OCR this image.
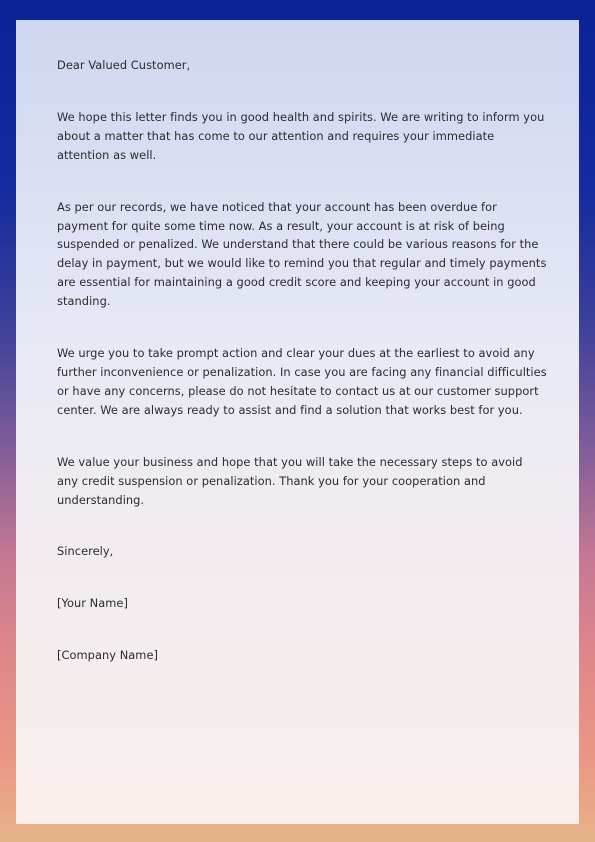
Dear Valued Customer,

We hope this letter finds you in good health and spirits. We are writing to inform you about a matter that has come to our attention and requires your immediate attention as well.

As per our records, we have noticed that your account has been overdue for payment for quite some time now. As a result, your account is at risk of being suspended or penalized. We understand that there could be various reasons for the delay in payment, but we would like to remind you that regular and timely payments are essential for maintaining a good credit score and keeping your account in good standing.

We urge you to take prompt action and clear your dues at the earliest to avoid any further inconvenience or penalization. In case you are facing any financial difficulties or have any concerns, please do not hesitate to contact us at our customer support center. We are always ready to assist and find a solution that works best for you.

We value your business and hope that you will take the necessary steps to avoid any credit suspension or penalization. Thank you for your cooperation and understanding.

Sincerely,

[Your Name]

[Company Name]
